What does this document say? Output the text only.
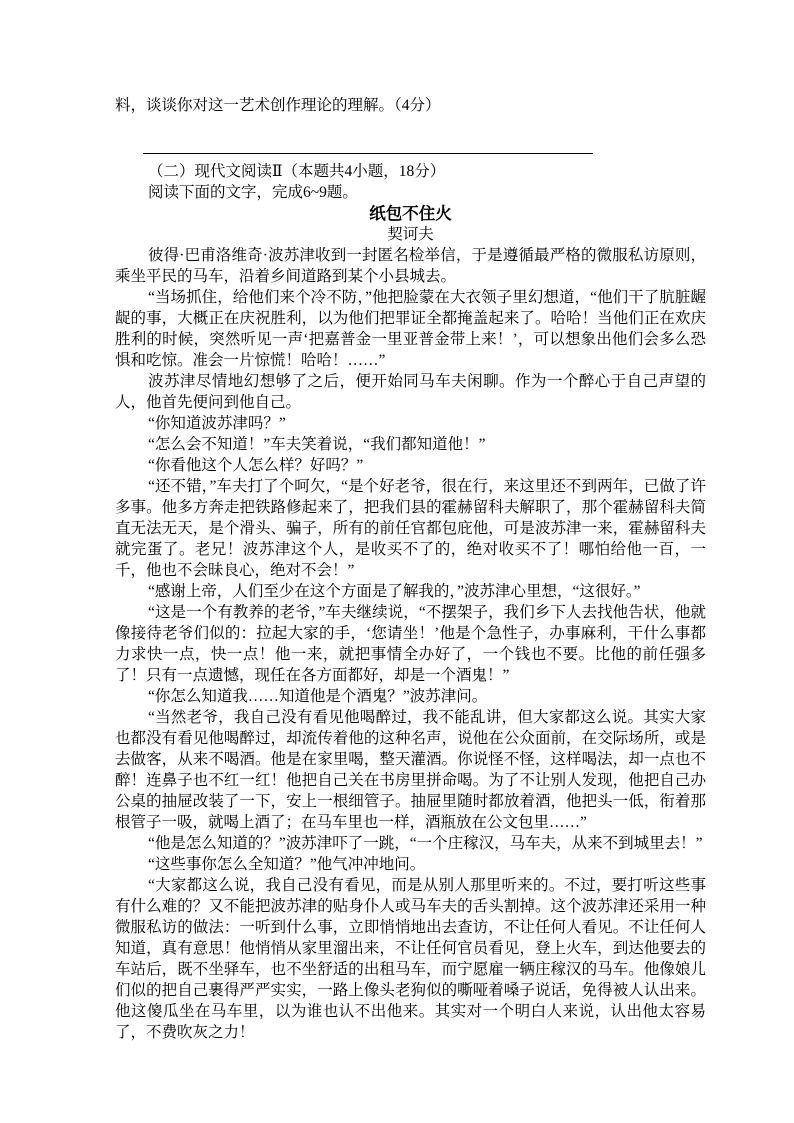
料，谈谈你对这一艺术创作理论的理解。（4分）

（二）现代文阅读Ⅱ（本题共4小题，18分）

阅读下面的文字，完成6~9题。

纸包不住火

契诃夫

彼得·巴甫洛维奇·波苏津收到一封匿名检举信，于是遵循最严格的微服私访原则，乘坐平民的马车，沿着乡间道路到某个小县城去。

“当场抓住，给他们来个冷不防，”他把脸蒙在大衣领子里幻想道，“他们干了肮脏龌龊的事，大概正在庆祝胜利，以为他们把罪证全都掩盖起来了。哈哈！当他们正在欢庆胜利的时候，突然听见一声‘把嘉普金一里亚普金带上来！’，可以想象出他们会多么恐惧和吃惊。准会一片惊慌！哈哈！……”

波苏津尽情地幻想够了之后，便开始同马车夫闲聊。作为一个醉心于自己声望的人，他首先便问到他自己。

“你知道波苏津吗？”

“怎么会不知道！”车夫笑着说，“我们都知道他！”

“你看他这个人怎么样？好吗？”

“还不错，”车夫打了个呵欠，“是个好老爷，很在行，来这里还不到两年，已做了许多事。他多方奔走把铁路修起来了，把我们县的霍赫留科夫解职了，那个霍赫留科夫简直无法无天，是个滑头、骗子，所有的前任官都包庇他，可是波苏津一来，霍赫留科夫就完蛋了。老兄！波苏津这个人，是收买不了的，绝对收买不了！哪怕给他一百，一千，他也不会昧良心，绝对不会！”

“感谢上帝，人们至少在这个方面是了解我的，”波苏津心里想，“这很好。”

“这是一个有教养的老爷，”车夫继续说，“不摆架子，我们乡下人去找他告状，他就像接待老爷们似的：拉起大家的手，‘您请坐！’他是个急性子，办事麻利，干什么事都力求快一点，快一点！他一来，就把事情全办好了，一个钱也不要。比他的前任强多了！只有一点遗憾，现任在各方面都好，却是一个酒鬼！”

“你怎么知道我……知道他是个酒鬼？”波苏津问。

“当然老爷，我自己没有看见他喝醉过，我不能乱讲，但大家都这么说。其实大家也都没有看见他喝醉过，却流传着他的这种名声，说他在公众面前，在交际场所，或是去做客，从来不喝酒。他是在家里喝，整天灌酒。你说怪不怪，这样喝法，却一点也不醉！连鼻子也不红一红！他把自己关在书房里拼命喝。为了不让别人发现，他把自己办公桌的抽屉改装了一下，安上一根细管子。抽屉里随时都放着酒，他把头一低，衔着那根管子一吸，就喝上酒了；在马车里也一样，酒瓶放在公文包里……”

“他是怎么知道的？”波苏津吓了一跳，“一个庄稼汉，马车夫，从来不到城里去！”

“这些事你怎么全知道？”他气冲冲地问。

“大家都这么说，我自己没有看见，而是从别人那里听来的。不过，要打听这些事有什么难的？又不能把波苏津的贴身仆人或马车夫的舌头割掉。这个波苏津还采用一种微服私访的做法：一听到什么事，立即悄悄地出去查访，不让任何人看见。不让任何人知道，真有意思！他悄悄从家里溜出来，不让任何官员看见，登上火车，到达他要去的车站后，既不坐驿车，也不坐舒适的出租马车，而宁愿雇一辆庄稼汉的马车。他像娘儿们似的把自己裹得严严实实，一路上像头老狗似的嘶哑着嗓子说话，免得被人认出来。他这傻瓜坐在马车里，以为谁也认不出他来。其实对一个明白人来说，认出他太容易了，不费吹灰之力！
